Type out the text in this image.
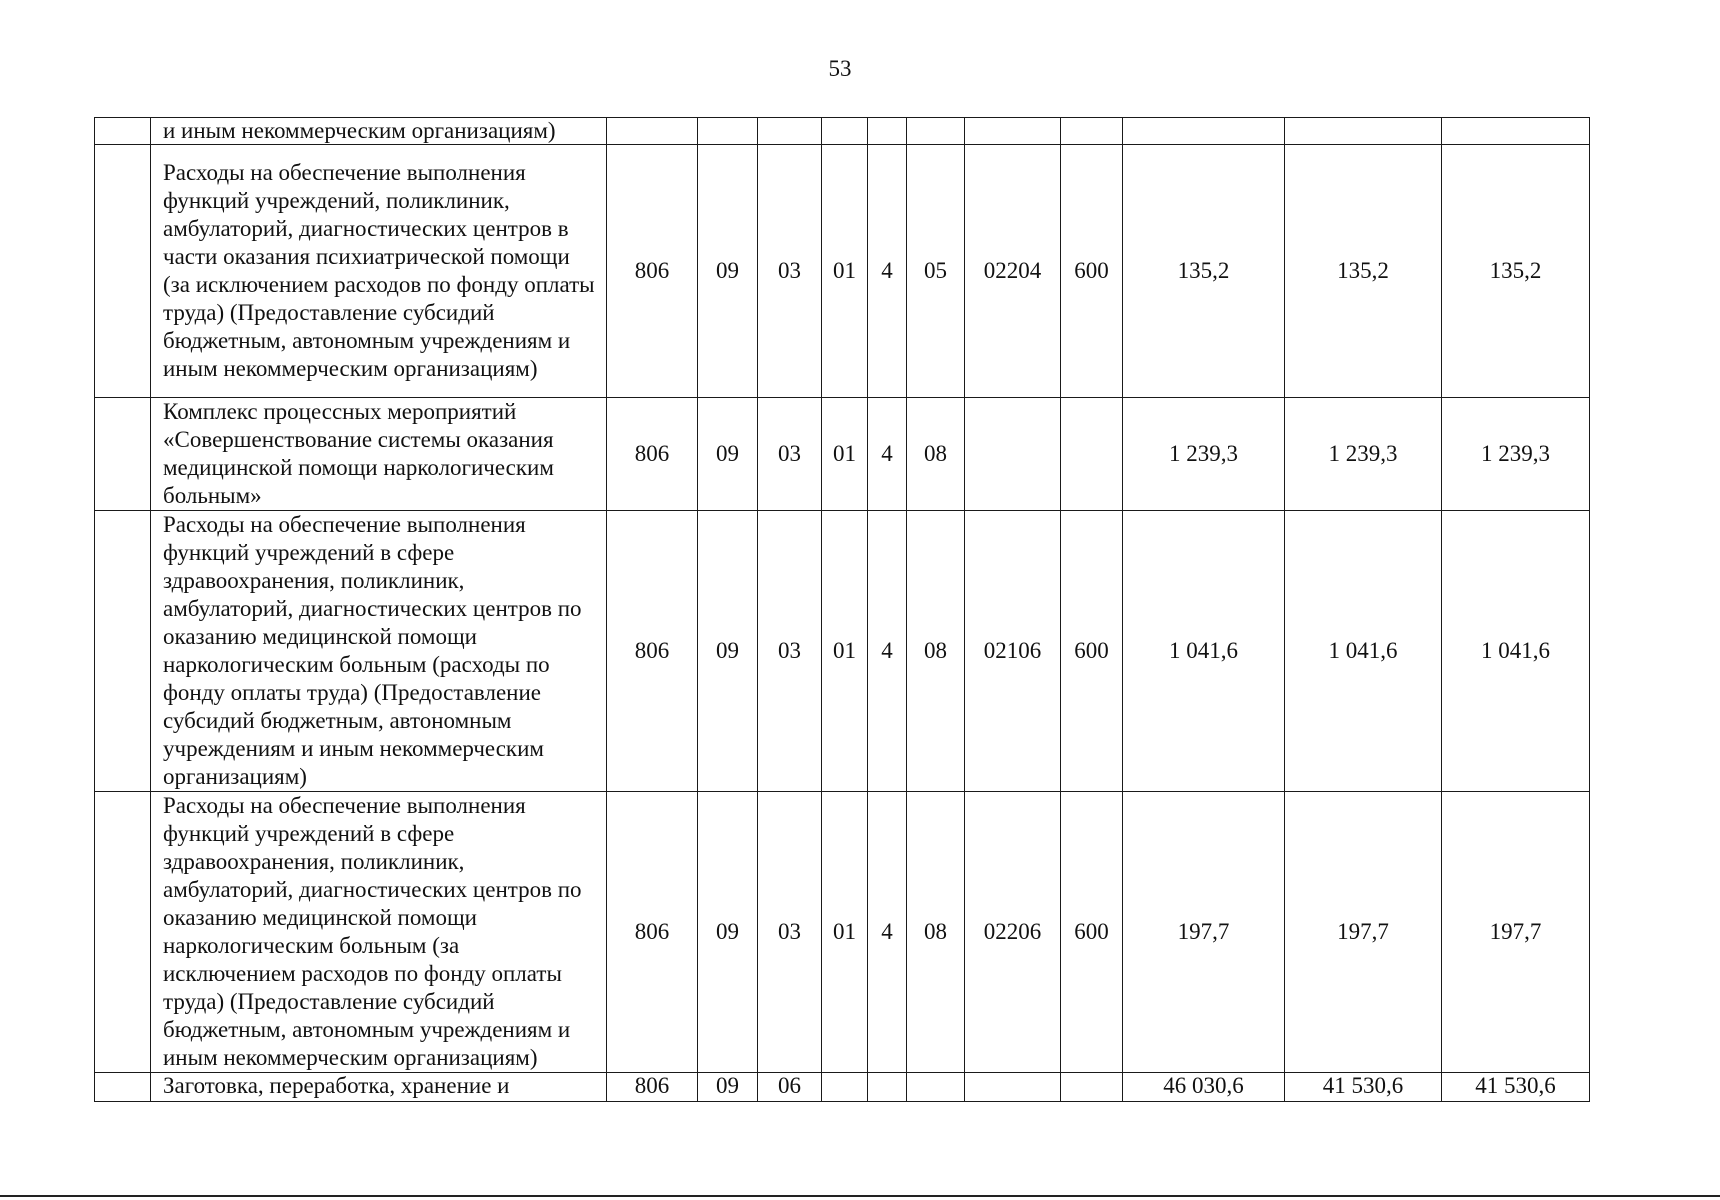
53
	и иным некоммерческим организациям)											
	Расходы на обеспечение выполнения функций учреждений, поликлиник, амбулаторий, диагностических центров в части оказания психиатрической помощи (за исключением расходов по фонду оплаты труда) (Предоставление субсидий бюджетным, автономным учреждениям и иным некоммерческим организациям)	806	09	03	01	4	05	02204	600	135,2	135,2	135,2
	Комплекс процессных мероприятий «Совершенствование системы оказания медицинской помощи наркологическим больным»	806	09	03	01	4	08			1 239,3	1 239,3	1 239,3
	Расходы на обеспечение выполнения функций учреждений в сфере здравоохранения, поликлиник, амбулаторий, диагностических центров по оказанию медицинской помощи наркологическим больным (расходы по фонду оплаты труда) (Предоставление субсидий бюджетным, автономным учреждениям и иным некоммерческим организациям)	806	09	03	01	4	08	02106	600	1 041,6	1 041,6	1 041,6
	Расходы на обеспечение выполнения функций учреждений в сфере здравоохранения, поликлиник, амбулаторий, диагностических центров по оказанию медицинской помощи наркологическим больным (за исключением расходов по фонду оплаты труда) (Предоставление субсидий бюджетным, автономным учреждениям и иным некоммерческим организациям)	806	09	03	01	4	08	02206	600	197,7	197,7	197,7
	Заготовка, переработка, хранение и	806	09	06						46 030,6	41 530,6	41 530,6
